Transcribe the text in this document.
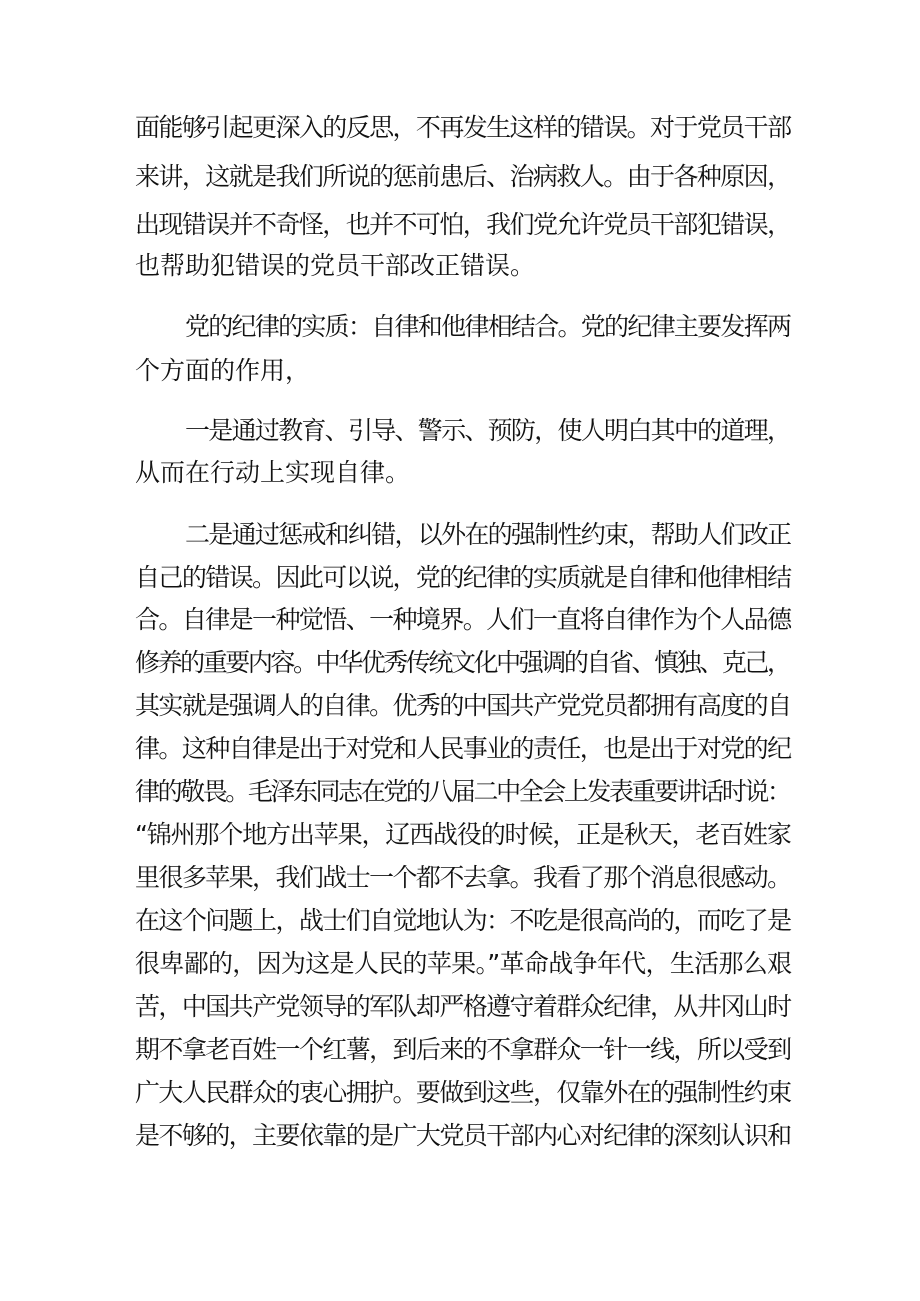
面能够引起更深入的反思，不再发生这样的错误。对于党员干部
来讲，这就是我们所说的惩前患后、治病救人。由于各种原因，
出现错误并不奇怪，也并不可怕，我们党允许党员干部犯错误，
也帮助犯错误的党员干部改正错误。
党的纪律的实质：自律和他律相结合。党的纪律主要发挥两
个方面的作用，
一是通过教育、引导、警示、预防，使人明白其中的道理，
从而在行动上实现自律。
二是通过惩戒和纠错，以外在的强制性约束，帮助人们改正
自己的错误。因此可以说，党的纪律的实质就是自律和他律相结
合。自律是一种觉悟、一种境界。人们一直将自律作为个人品德
修养的重要内容。中华优秀传统文化中强调的自省、慎独、克己，
其实就是强调人的自律。优秀的中国共产党党员都拥有高度的自
律。这种自律是出于对党和人民事业的责任，也是出于对党的纪
律的敬畏。毛泽东同志在党的八届二中全会上发表重要讲话时说：
“锦州那个地方出苹果，辽西战役的时候，正是秋天，老百姓家
里很多苹果，我们战士一个都不去拿。我看了那个消息很感动。
在这个问题上，战士们自觉地认为：不吃是很高尚的，而吃了是
很卑鄙的，因为这是人民的苹果。”革命战争年代，生活那么艰
苦，中国共产党领导的军队却严格遵守着群众纪律，从井冈山时
期不拿老百姓一个红薯，到后来的不拿群众一针一线，所以受到
广大人民群众的衷心拥护。要做到这些，仅靠外在的强制性约束
是不够的，主要依靠的是广大党员干部内心对纪律的深刻认识和
